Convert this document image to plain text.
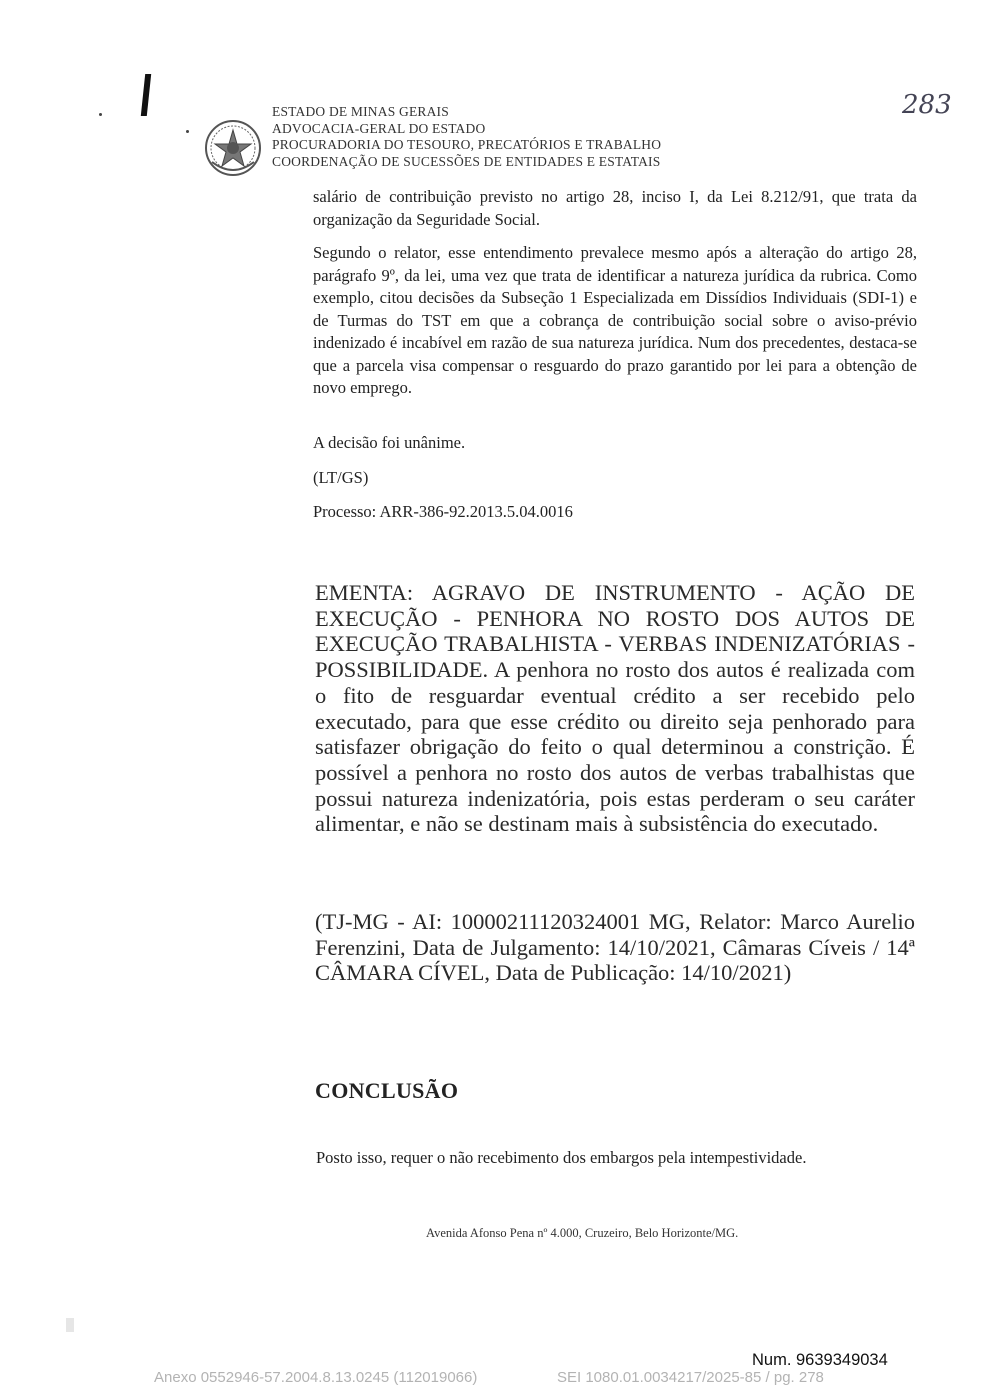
ESTADO DE MINAS GERAIS
ADVOCACIA-GERAL DO ESTADO
PROCURADORIA DO TESOURO, PRECATÓRIOS E TRABALHO
COORDENAÇÃO DE SUCESSÕES DE ENTIDADES E ESTATAIS
283
salário de contribuição previsto no artigo 28, inciso I, da Lei 8.212/91, que trata da organização da Seguridade Social.
Segundo o relator, esse entendimento prevalece mesmo após a alteração do artigo 28, parágrafo 9º, da lei, uma vez que trata de identificar a natureza jurídica da rubrica. Como exemplo, citou decisões da Subseção 1 Especializada em Dissídios Individuais (SDI-1) e de Turmas do TST em que a cobrança de contribuição social sobre o aviso-prévio indenizado é incabível em razão de sua natureza jurídica. Num dos precedentes, destaca-se que a parcela visa compensar o resguardo do prazo garantido por lei para a obtenção de novo emprego.
A decisão foi unânime.
(LT/GS)
Processo: ARR-386-92.2013.5.04.0016
EMENTA: AGRAVO DE INSTRUMENTO - AÇÃO DE EXECUÇÃO - PENHORA NO ROSTO DOS AUTOS DE EXECUÇÃO TRABALHISTA - VERBAS INDENIZATÓRIAS - POSSIBILIDADE. A penhora no rosto dos autos é realizada com o fito de resguardar eventual crédito a ser recebido pelo executado, para que esse crédito ou direito seja penhorado para satisfazer obrigação do feito o qual determinou a constrição. É possível a penhora no rosto dos autos de verbas trabalhistas que possui natureza indenizatória, pois estas perderam o seu caráter alimentar, e não se destinam mais à subsistência do executado.
(TJ-MG - AI: 10000211120324001 MG, Relator: Marco Aurelio Ferenzini, Data de Julgamento: 14/10/2021, Câmaras Cíveis / 14ª CÂMARA CÍVEL, Data de Publicação: 14/10/2021)
CONCLUSÃO
Posto isso, requer o não recebimento dos embargos pela intempestividade.
Avenida Afonso Pena nº 4.000, Cruzeiro, Belo Horizonte/MG.
Num. 9639349034
Anexo 0552946-57.2004.8.13.0245 (112019066)	SEI 1080.01.0034217/2025-85 / pg. 278
